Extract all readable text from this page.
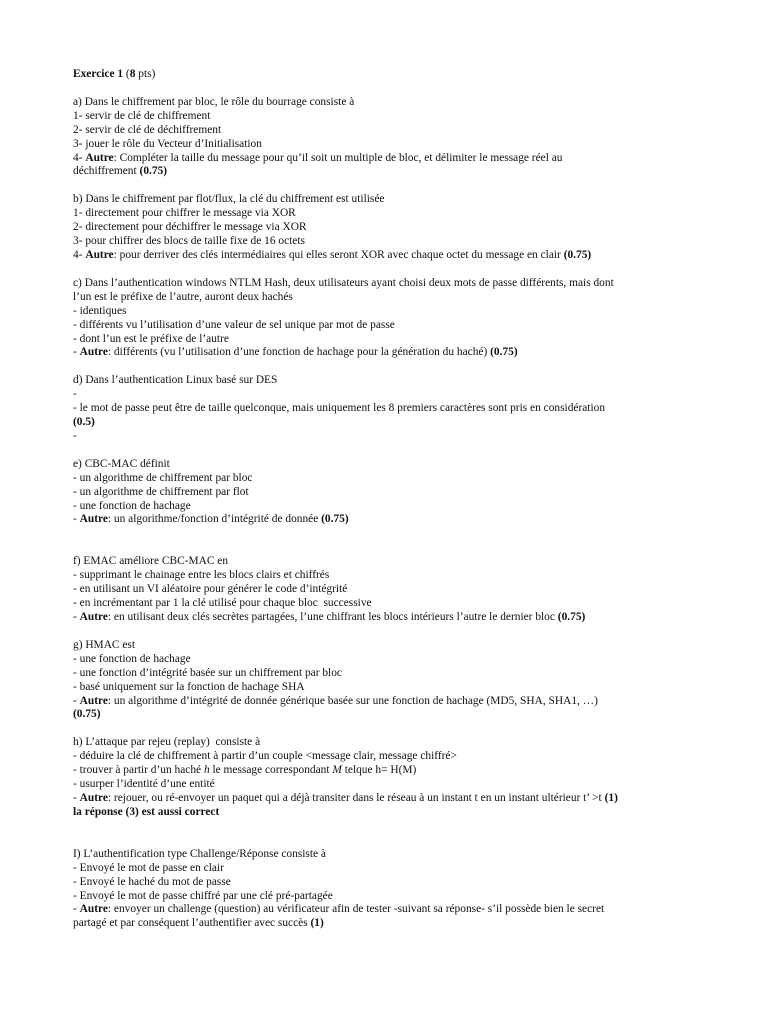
Exercice 1 (8 pts)
a) Dans le chiffrement par bloc, le rôle du bourrage consiste à
1- servir de clé de chiffrement
2- servir de clé de déchiffrement
3- jouer le rôle du Vecteur d’Initialisation
4- Autre: Compléter la taille du message pour qu’il soit un multiple de bloc, et délimiter le message réel au
déchiffrement (0.75)
b) Dans le chiffrement par flot/flux, la clé du chiffrement est utilisée
1- directement pour chiffrer le message via XOR
2- directement pour déchiffrer le message via XOR
3- pour chiffrer des blocs de taille fixe de 16 octets
4- Autre: pour derriver des clés intermédiaires qui elles seront XOR avec chaque octet du message en clair (0.75)
c) Dans l’authentication windows NTLM Hash, deux utilisateurs ayant choisi deux mots de passe différents, mais dont
l’un est le préfixe de l’autre, auront deux hachés
- identiques
- différents vu l’utilisation d’une valeur de sel unique par mot de passe
- dont l’un est le préfixe de l’autre
- Autre: différents (vu l’utilisation d’une fonction de hachage pour la génération du haché) (0.75)
d) Dans l’authentication Linux basé sur DES
-
- le mot de passe peut être de taille quelconque, mais uniquement les 8 premiers caractères sont pris en considération
(0.5)
-
e) CBC-MAC définit
- un algorithme de chiffrement par bloc
- un algorithme de chiffrement par flot
- une fonction de hachage
- Autre: un algorithme/fonction d’intégrité de donnée (0.75)
f) EMAC améliore CBC-MAC en
- supprimant le chainage entre les blocs clairs et chiffrés
- en utilisant un VI aléatoire pour générer le code d’intégrité
- en incrémentant par 1 la clé utilisé pour chaque bloc  successive
- Autre: en utilisant deux clés secrètes partagées, l’une chiffrant les blocs intérieurs l’autre le dernier bloc (0.75)
g) HMAC est
- une fonction de hachage
- une fonction d’intégrité basée sur un chiffrement par bloc
- basé uniquement sur la fonction de hachage SHA
- Autre: un algorithme d’intégrité de donnée générique basée sur une fonction de hachage (MD5, SHA, SHA1, …)
(0.75)
h) L’attaque par rejeu (replay)  consiste à
- déduire la clé de chiffrement à partir d’un couple <message clair, message chiffré>
- trouver à partir d’un haché h le message correspondant M telque h= H(M)
- usurper l’identité d’une entité
- Autre: rejouer, ou ré-envoyer un paquet qui a déjà transiter dans le réseau à un instant t en un instant ultérieur t’ >t (1)
la réponse (3) est aussi correct
I) L’authentification type Challenge/Réponse consiste à
- Envoyé le mot de passe en clair
- Envoyé le haché du mot de passe
- Envoyé le mot de passe chiffré par une clé pré-partagée
- Autre: envoyer un challenge (question) au vérificateur afin de tester -suivant sa réponse- s’il possède bien le secret
partagé et par conséquent l’authentifier avec succès (1)
